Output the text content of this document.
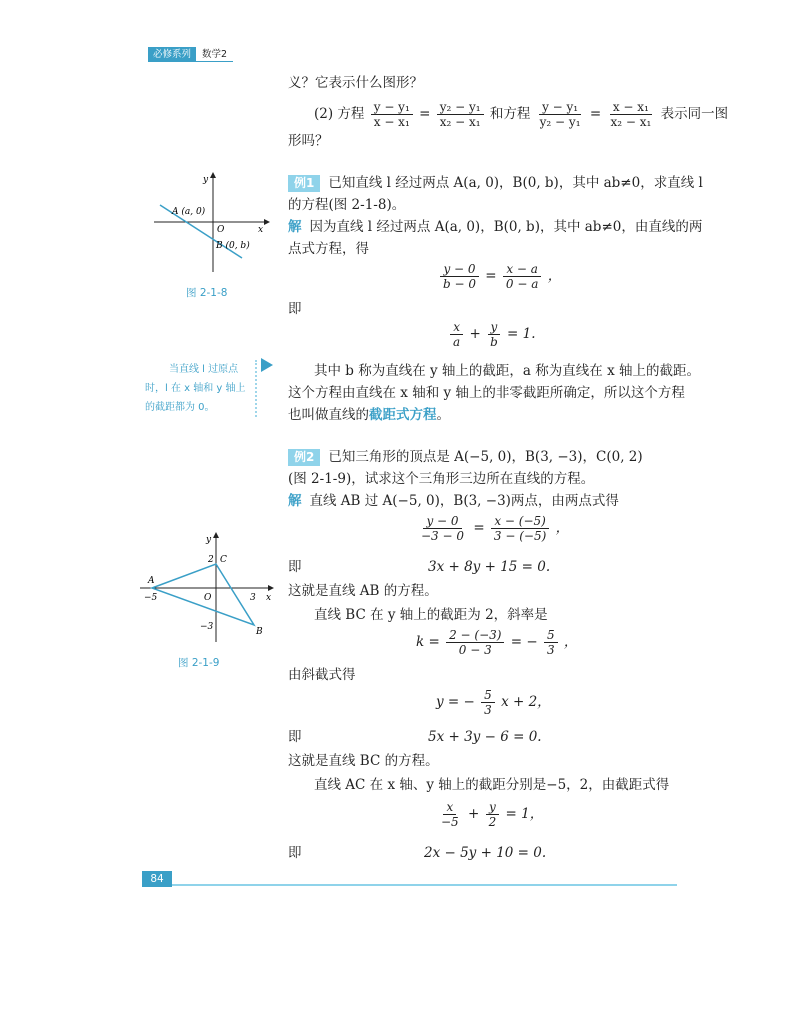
必修系列	数学2
义？它表示什么图形？
(2) 方程 $\frac{\text{y − y₁}}{\text{x − x₁}} = \frac{\text{y₂ − y₁}}{\text{x₂ − x₁}}$ 和方程 $\frac{\text{y − y₁}}{\text{y₂ − y₁}} = \frac{\text{x − x₁}}{\text{x₂ − x₁}}$ 表示同一图
形吗？
y
x
O
A (a, 0)
B (0, b)
图 2-1-8
例1 已知直线 l 经过两点 A(a, 0)，B(0, b)，其中 ab≠0，求直线 l
的方程(图 2-1-8)。
解 因为直线 l 经过两点 A(a, 0)，B(0, b)，其中 ab≠0，由直线的两
点式方程，得
$\frac{y - 0}{b - 0} = \frac{x - a}{0 - a}$ ，
即
$\frac{x}{a} + \frac{y}{b} = 1$.
当直线 l 过原点
时，l 在 x 轴和 y 轴上
的截距都为 0。
其中 b 称为直线在 y 轴上的截距，a 称为直线在 x 轴上的截距。
这个方程由直线在 x 轴和 y 轴上的非零截距所确定，所以这个方程
也叫做直线的截距式方程。
例2 已知三角形的顶点是 A(−5, 0)，B(3, −3)，C(0, 2)
(图 2-1-9)，试求这个三角形三边所在直线的方程。
解 直线 AB 过 A(−5, 0)，B(3, −3)两点，由两点式得
$\frac{y - 0}{-3 - 0} = \frac{x - (-5)}{3 - (-5)}$ ，
即	3x + 8y + 15 = 0.
这就是直线 AB 的方程。
直线 BC 在 y 轴上的截距为 2，斜率是
$k = \frac{2 - (-3)}{0 - 3}$ = − $\frac{5}{3}$ ，
由斜截式得
y = − $\frac{5}{3}$ x + 2，
即	5x + 3y − 6 = 0.
这就是直线 BC 的方程。
直线 AC 在 x 轴、y 轴上的截距分别是−5，2，由截距式得
$\frac{x}{-5} + \frac{y}{2} = 1$，
即	2x − 5y + 10 = 0.
y
x
O
A
B
C
2
−5	3
−3
图 2-1-9
84
